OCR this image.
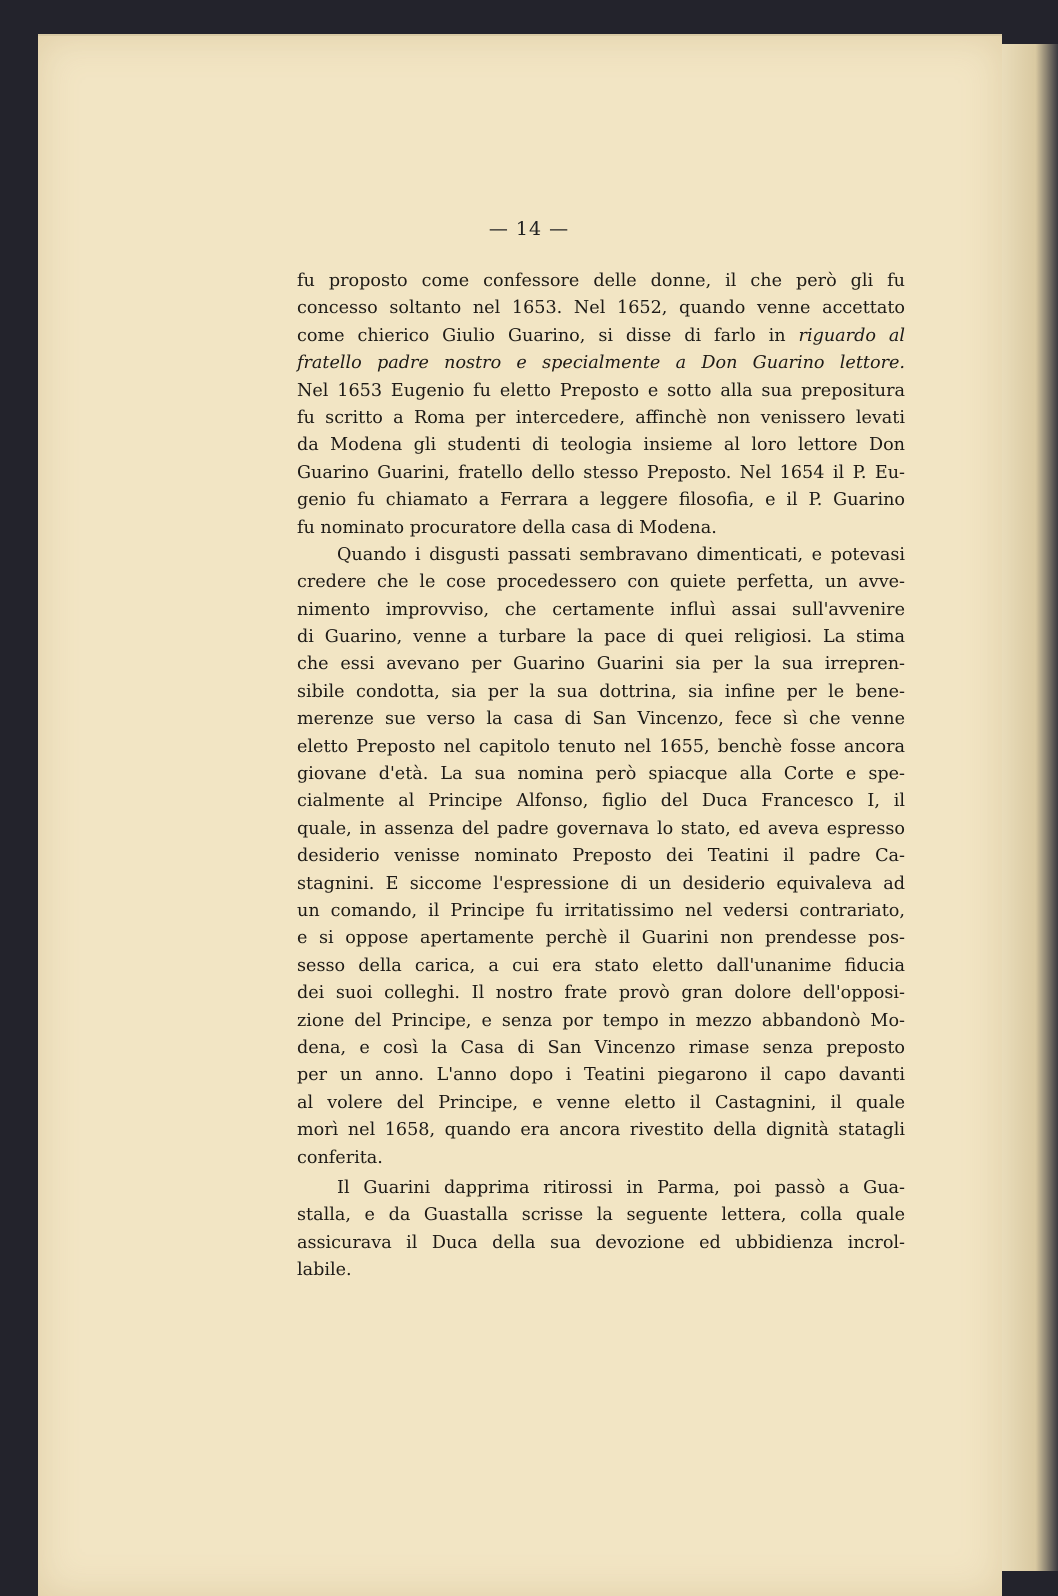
— 14 —
fu proposto come confessore delle donne, il che però gli fu
concesso soltanto nel 1653. Nel 1652, quando venne accettato
come chierico Giulio Guarino, si disse di farlo in riguardo al
fratello padre nostro e specialmente a Don Guarino lettore.
Nel 1653 Eugenio fu eletto Preposto e sotto alla sua prepositura
fu scritto a Roma per intercedere, affinchè non venissero levati
da Modena gli studenti di teologia insieme al loro lettore Don
Guarino Guarini, fratello dello stesso Preposto. Nel 1654 il P. Eu-
genio fu chiamato a Ferrara a leggere filosofia, e il P. Guarino
fu nominato procuratore della casa di Modena.
Quando i disgusti passati sembravano dimenticati, e potevasi
credere che le cose procedessero con quiete perfetta, un avve-
nimento improvviso, che certamente influì assai sull'avvenire
di Guarino, venne a turbare la pace di quei religiosi. La stima
che essi avevano per Guarino Guarini sia per la sua irrepren-
sibile condotta, sia per la sua dottrina, sia infine per le bene-
merenze sue verso la casa di San Vincenzo, fece sì che venne
eletto Preposto nel capitolo tenuto nel 1655, benchè fosse ancora
giovane d'età. La sua nomina però spiacque alla Corte e spe-
cialmente al Principe Alfonso, figlio del Duca Francesco I, il
quale, in assenza del padre governava lo stato, ed aveva espresso
desiderio venisse nominato Preposto dei Teatini il padre Ca-
stagnini. E siccome l'espressione di un desiderio equivaleva ad
un comando, il Principe fu irritatissimo nel vedersi contrariato,
e si oppose apertamente perchè il Guarini non prendesse pos-
sesso della carica, a cui era stato eletto dall'unanime fiducia
dei suoi colleghi. Il nostro frate provò gran dolore dell'opposi-
zione del Principe, e senza por tempo in mezzo abbandonò Mo-
dena, e così la Casa di San Vincenzo rimase senza preposto
per un anno. L'anno dopo i Teatini piegarono il capo davanti
al volere del Principe, e venne eletto il Castagnini, il quale
morì nel 1658, quando era ancora rivestito della dignità statagli
conferita.
Il Guarini dapprima ritirossi in Parma, poi passò a Gua-
stalla, e da Guastalla scrisse la seguente lettera, colla quale
assicurava il Duca della sua devozione ed ubbidienza incrol-
labile.
